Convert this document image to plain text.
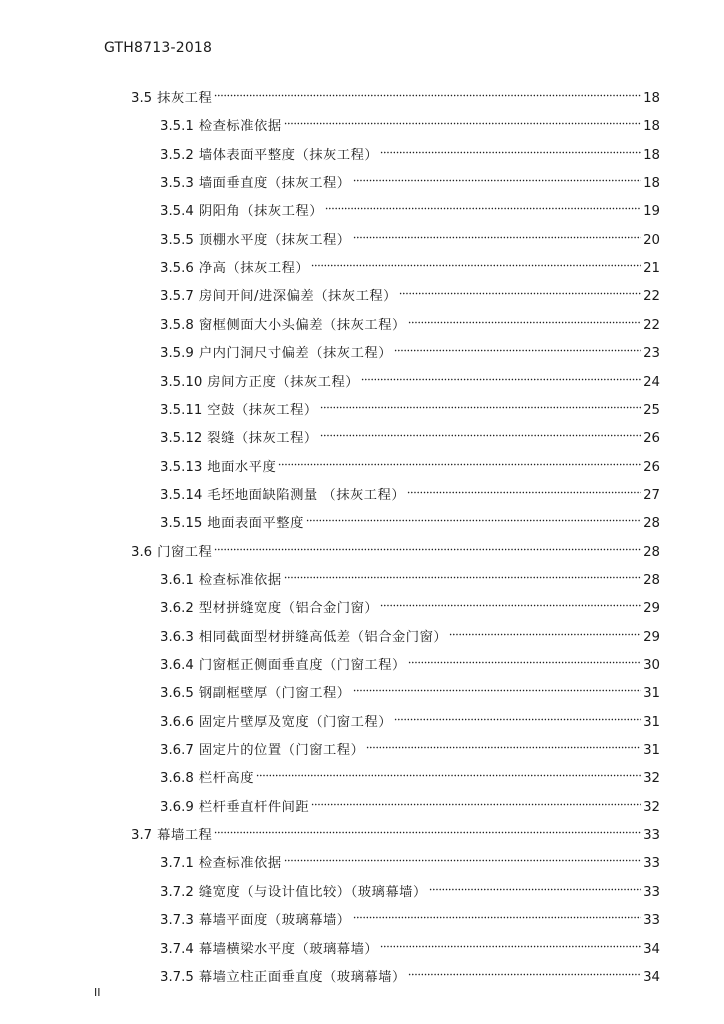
GTH8713-2018
3.5 抹灰工程	18
3.5.1 检查标准依据	18
3.5.2 墙体表面平整度（抹灰工程）	18
3.5.3 墙面垂直度（抹灰工程）	18
3.5.4 阴阳角（抹灰工程）	19
3.5.5 顶棚水平度（抹灰工程）	20
3.5.6 净高（抹灰工程）	21
3.5.7 房间开间/进深偏差（抹灰工程）	22
3.5.8 窗框侧面大小头偏差（抹灰工程）	22
3.5.9 户内门洞尺寸偏差（抹灰工程）	23
3.5.10 房间方正度（抹灰工程）	24
3.5.11 空鼓（抹灰工程）	25
3.5.12 裂缝（抹灰工程）	26
3.5.13 地面水平度	26
3.5.14 毛坯地面缺陷测量 （抹灰工程）	27
3.5.15 地面表面平整度	28
3.6 门窗工程	28
3.6.1 检查标准依据	28
3.6.2 型材拼缝宽度（铝合金门窗）	29
3.6.3 相同截面型材拼缝高低差（铝合金门窗）	29
3.6.4 门窗框正侧面垂直度（门窗工程）	30
3.6.5 钢副框壁厚（门窗工程）	31
3.6.6 固定片壁厚及宽度（门窗工程）	31
3.6.7 固定片的位置（门窗工程）	31
3.6.8 栏杆高度	32
3.6.9 栏杆垂直杆件间距	32
3.7 幕墙工程	33
3.7.1 检查标准依据	33
3.7.2 缝宽度（与设计值比较）（玻璃幕墙）	33
3.7.3 幕墙平面度（玻璃幕墙）	33
3.7.4 幕墙横梁水平度（玻璃幕墙）	34
3.7.5 幕墙立柱正面垂直度（玻璃幕墙）	34
II
